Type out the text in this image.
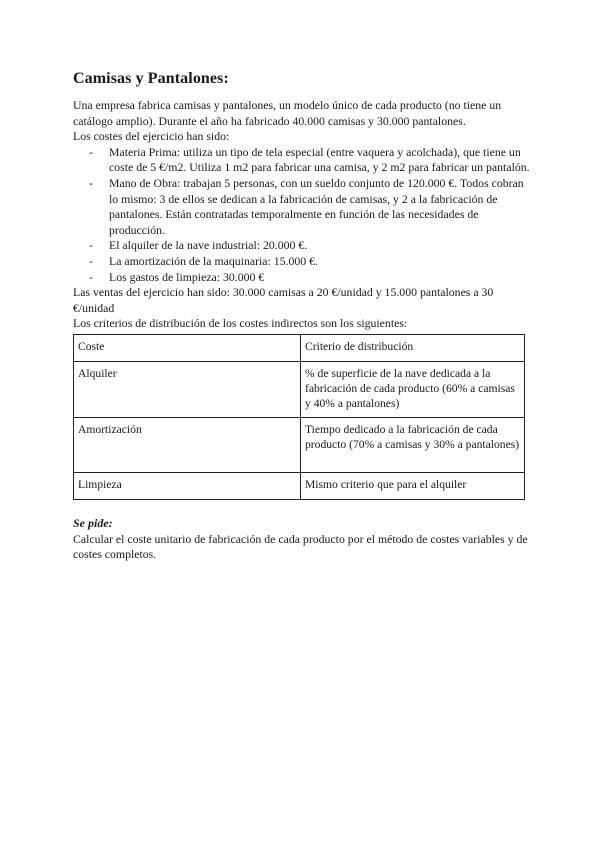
Camisas y Pantalones:

Una empresa fabrica camisas y pantalones, un modelo único de cada producto (no tiene un catálogo amplio). Durante el año ha fabricado 40.000 camisas y 30.000 pantalones.

Los costes del ejercicio han sido:

- Materia Prima: utiliza un tipo de tela especial (entre vaquera y acolchada), que tiene un coste de 5 €/m2. Utiliza 1 m2 para fabricar una camisa, y 2 m2 para fabricar un pantalón.
- Mano de Obra: trabajan 5 personas, con un sueldo conjunto de 120.000 €. Todos cobran lo mismo: 3 de ellos se dedican a la fabricación de camisas, y 2 a la fabricación de pantalones. Están contratadas temporalmente en función de las necesidades de producción.
- El alquiler de la nave industrial: 20.000 €.
- La amortización de la maquinaria: 15.000 €.
- Los gastos de limpieza: 30.000 €

Las ventas del ejercicio han sido: 30.000 camisas a 20 €/unidad y 15.000 pantalones a 30 €/unidad

Los criterios de distribución de los costes indirectos son los siguientes:

Coste	Criterio de distribución
Alquiler	% de superficie de la nave dedicada a la fabricación de cada producto (60% a camisas y 40% a pantalones)
Amortización	Tiempo dedicado a la fabricación de cada producto (70% a camisas y 30% a pantalones)
Limpieza	Mismo criterio que para el alquiler

Se pide:

Calcular el coste unitario de fabricación de cada producto por el método de costes variables y de costes completos.
